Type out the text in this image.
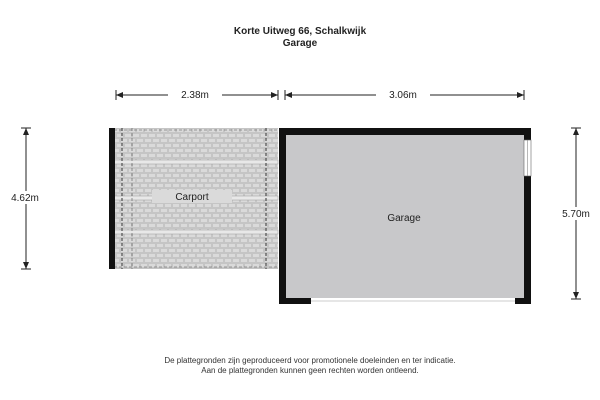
Korte Uitweg 66, Schalkwijk
Garage
2.38m	3.06m
4.62m
5.70m
Carport
Garage
De plattegronden zijn geproduceerd voor promotionele doeleinden en ter indicatie.
Aan de plattegronden kunnen geen rechten worden ontleend.
